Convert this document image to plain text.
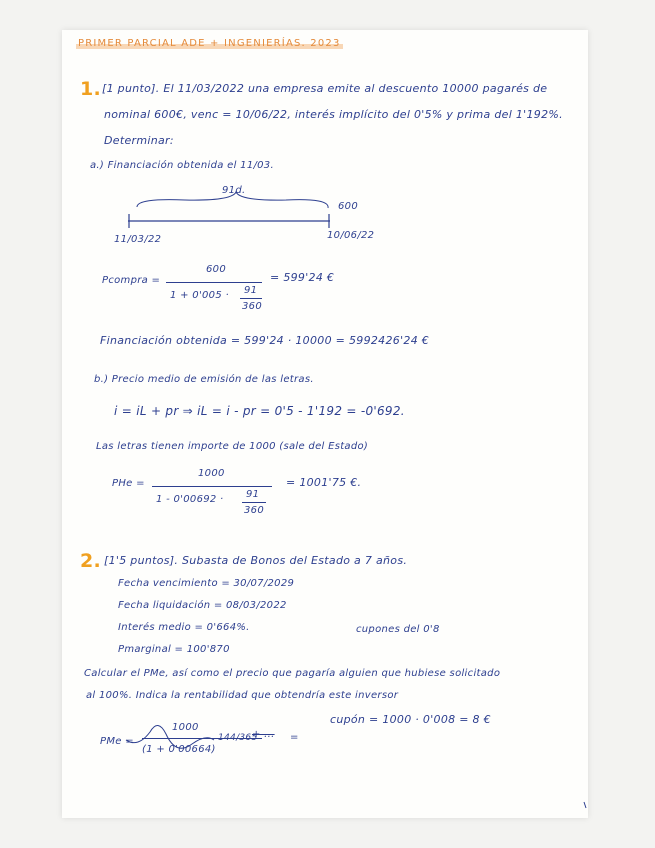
PRIMER PARCIAL ADE + INGENIERÍAS. 2023
1. [1 punto]. El 11/03/2022 una empresa emite al descuento 10000 pagarés de
nominal 600€, venc = 10/06/22, interés implícito del 0'5% y prima del 1'192%.
Determinar:
a.) Financiación obtenida el 11/03.
91d.
600
11/03/22	10/06/22
Pcompra =
600
1 + 0'005 · 91
360
= 599'24 €
Financiación obtenida = 599'24 · 10000 = 5992426'24 €
b.) Precio medio de emisión de las letras.
i = iL + pr ⇒ iL = i - pr = 0'5 - 1'192 = -0'692.
Las letras tienen importe de 1000 (sale del Estado)
PHe =
1000
1 - 0'00692 · 91
360
= 1001'75 €.
2. [1'5 puntos]. Subasta de Bonos del Estado a 7 años.
Fecha vencimiento = 30/07/2029
Fecha liquidación = 08/03/2022
Interés medio = 0'664%.	cupones del 0'8
Pmarginal = 100'870
Calcular el PMe, así como el precio que pagaría alguien que hubiese solicitado
al 100%. Indica la rentabilidad que obtendría este inversor
cupón = 1000 · 0'008 = 8 €
PMe =
1000
(1 + 0'00664)
144/365
+ ... =
